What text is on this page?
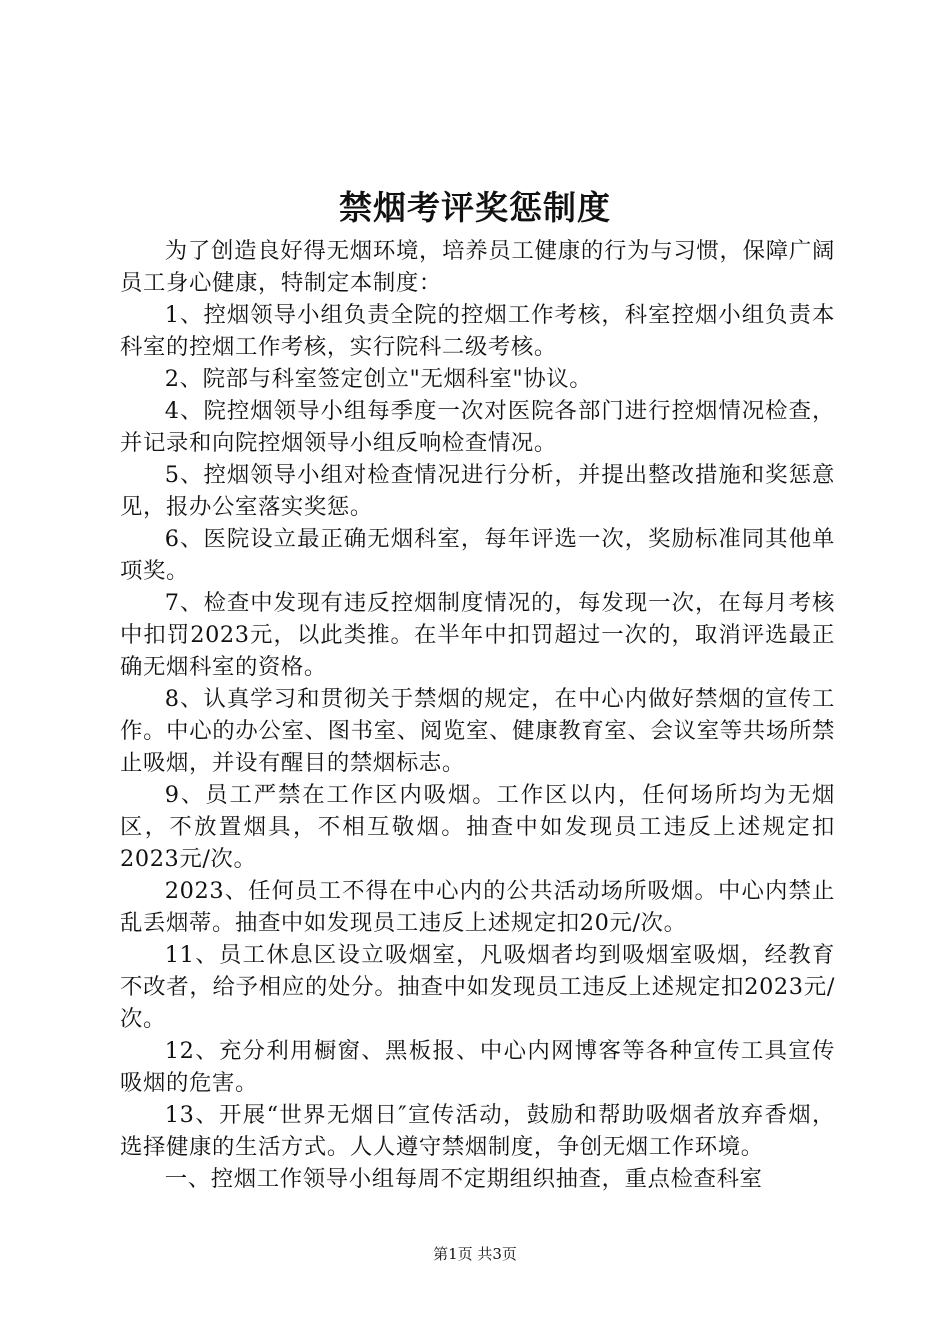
禁烟考评奖惩制度

为了创造良好得无烟环境，培养员工健康的行为与习惯，保障广阔员工身心健康，特制定本制度：

1、控烟领导小组负责全院的控烟工作考核，科室控烟小组负责本科室的控烟工作考核，实行院科二级考核。

2、院部与科室签定创立"无烟科室"协议。

4、院控烟领导小组每季度一次对医院各部门进行控烟情况检查，并记录和向院控烟领导小组反响检查情况。

5、控烟领导小组对检查情况进行分析，并提出整改措施和奖惩意见，报办公室落实奖惩。

6、医院设立最正确无烟科室，每年评选一次，奖励标准同其他单项奖。

7、检查中发现有违反控烟制度情况的，每发现一次，在每月考核中扣罚2023元，以此类推。在半年中扣罚超过一次的，取消评选最正确无烟科室的资格。

8、认真学习和贯彻关于禁烟的规定，在中心内做好禁烟的宣传工作。中心的办公室、图书室、阅览室、健康教育室、会议室等共场所禁止吸烟，并设有醒目的禁烟标志。

9、员工严禁在工作区内吸烟。工作区以内，任何场所均为无烟区，不放置烟具，不相互敬烟。抽查中如发现员工违反上述规定扣2023元/次。

2023、任何员工不得在中心内的公共活动场所吸烟。中心内禁止乱丢烟蒂。抽查中如发现员工违反上述规定扣20元/次。

11、员工休息区设立吸烟室，凡吸烟者均到吸烟室吸烟，经教育不改者，给予相应的处分。抽查中如发现员工违反上述规定扣2023元/次。

12、充分利用橱窗、黑板报、中心内网博客等各种宣传工具宣传吸烟的危害。

13、开展“世界无烟日″宣传活动，鼓励和帮助吸烟者放弃香烟，选择健康的生活方式。人人遵守禁烟制度，争创无烟工作环境。

一、控烟工作领导小组每周不定期组织抽查，重点检查科室

第1页 共3页
